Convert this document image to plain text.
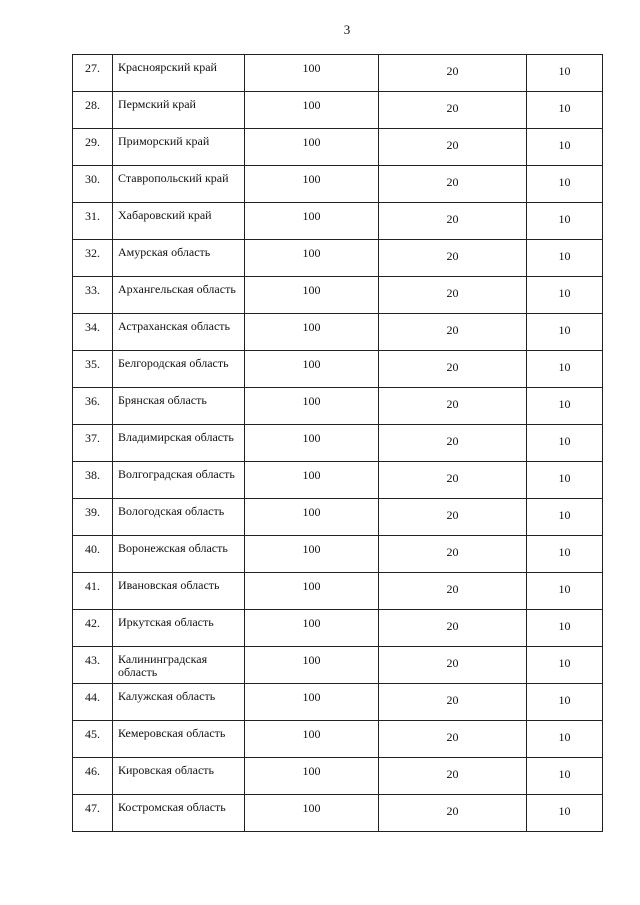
3
27.	Красноярский край	100	20	10
28.	Пермский край	100	20	10
29.	Приморский край	100	20	10
30.	Ставропольский край	100	20	10
31.	Хабаровский край	100	20	10
32.	Амурская область	100	20	10
33.	Архангельская область	100	20	10
34.	Астраханская область	100	20	10
35.	Белгородская область	100	20	10
36.	Брянская область	100	20	10
37.	Владимирская область	100	20	10
38.	Волгоградская область	100	20	10
39.	Вологодская область	100	20	10
40.	Воронежская область	100	20	10
41.	Ивановская область	100	20	10
42.	Иркутская область	100	20	10
43.	Калининградская область	100	20	10
44.	Калужская область	100	20	10
45.	Кемеровская область	100	20	10
46.	Кировская область	100	20	10
47.	Костромская область	100	20	10
